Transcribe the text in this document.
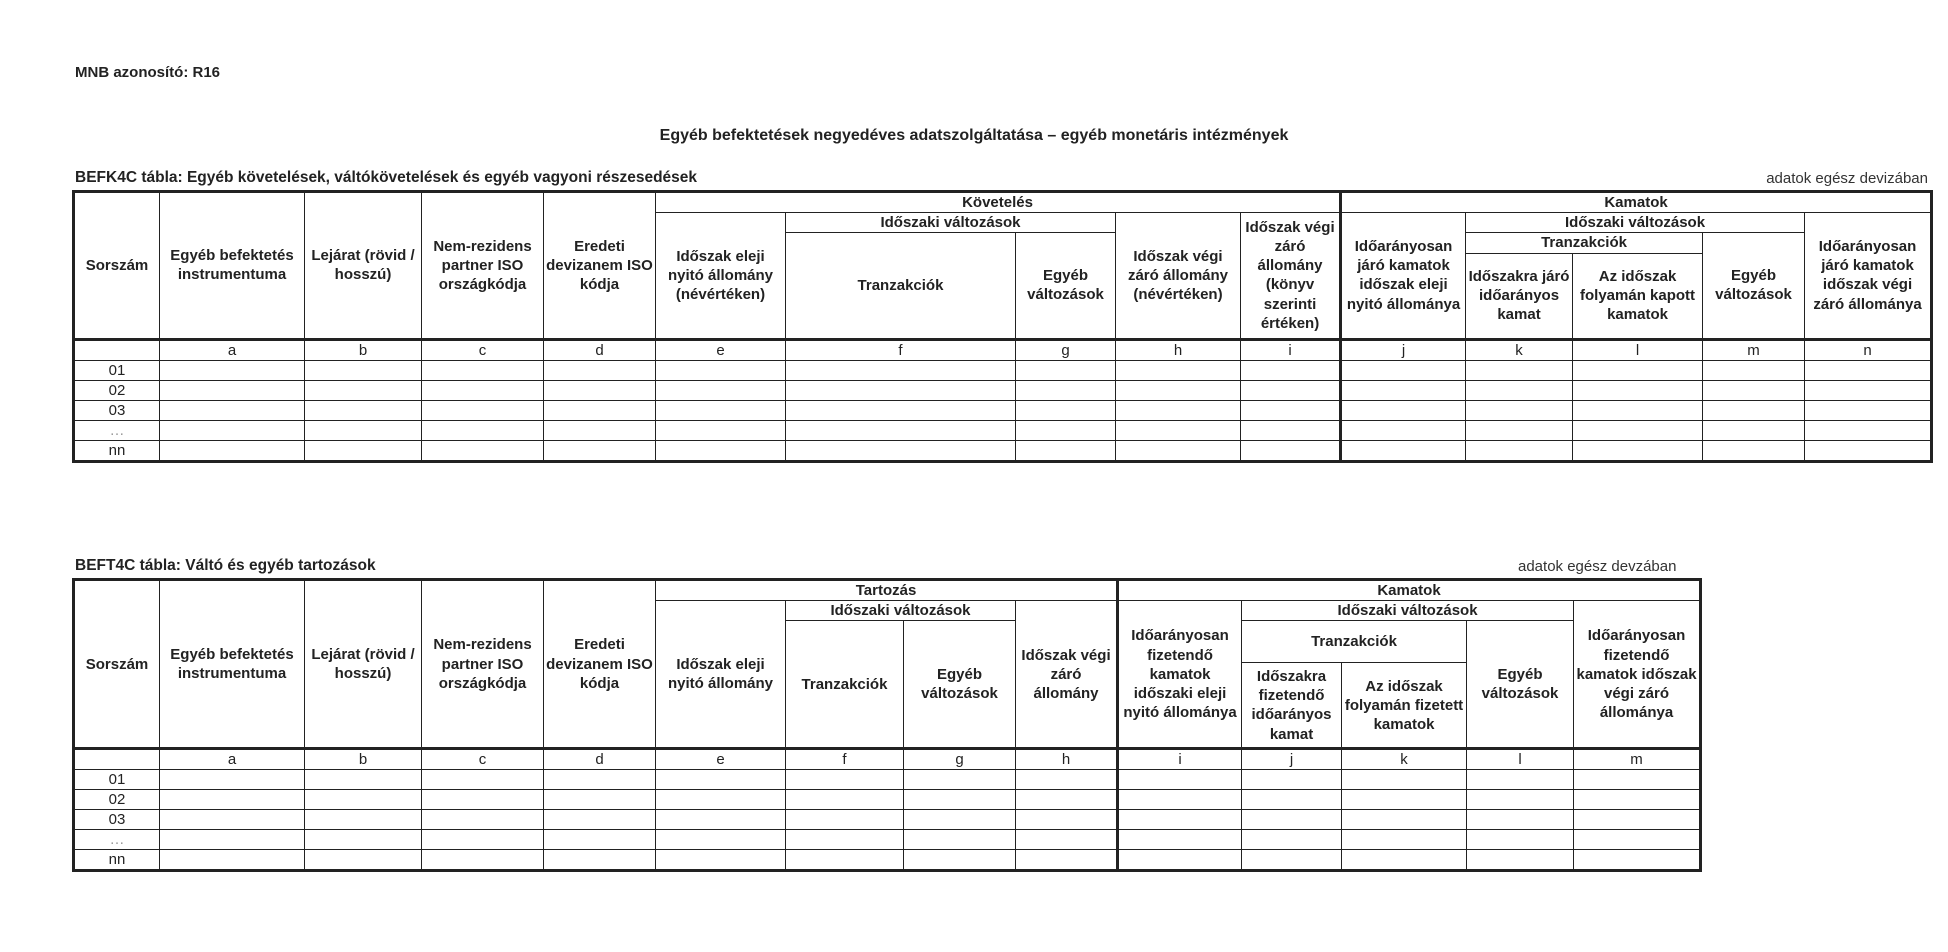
MNB azonosító: R16
Egyéb befektetések negyedéves adatszolgáltatása – egyéb monetáris intézmények
BEFK4C tábla: Egyéb követelések, váltókövetelések és egyéb vagyoni részesedések	adatok egész devizában
Sorszám	Egyéb befektetés instrumentuma	Lejárat (rövid / hosszú)	Nem-rezidens partner ISO országkódja	Eredeti devizanem ISO kódja	Követelés					Kamatok				
					Időszak eleji nyitó állomány (névértéken)	Időszaki változások		Időszak végi záró állomány (névértéken)	Időszak végi záró állomány (könyv szerinti értéken)	Időarányosan járó kamatok időszak eleji nyitó állománya	Időszaki változások			Időarányosan járó kamatok időszak végi záró állománya
						Tranzakciók	Egyéb változások				Tranzakciók		Egyéb változások	
											Időszakra járó időarányos kamat	Az időszak folyamán kapott kamatok		
	a	b	c	d	e	f	g	h	i	j	k	l	m	n
01														
02														
03														
…														
nn														
BEFT4C tábla: Váltó és egyéb tartozások	adatok egész devzában
Sorszám	Egyéb befektetés instrumentuma	Lejárat (rövid / hosszú)	Nem-rezidens partner ISO országkódja	Eredeti devizanem ISO kódja	Tartozás				Kamatok				
					Időszak eleji nyitó állomány	Időszaki változások		Időszak végi záró állomány	Időarányosan fizetendő kamatok időszaki eleji nyitó állománya	Időszaki változások			Időarányosan fizetendő kamatok időszak végi záró állománya
						Tranzakciók	Egyéb változások			Tranzakciók		Egyéb változások	
										Időszakra fizetendő időarányos kamat	Az időszak folyamán fizetett kamatok		
	a	b	c	d	e	f	g	h	i	j	k	l	m
01													
02													
03													
…													
nn													
